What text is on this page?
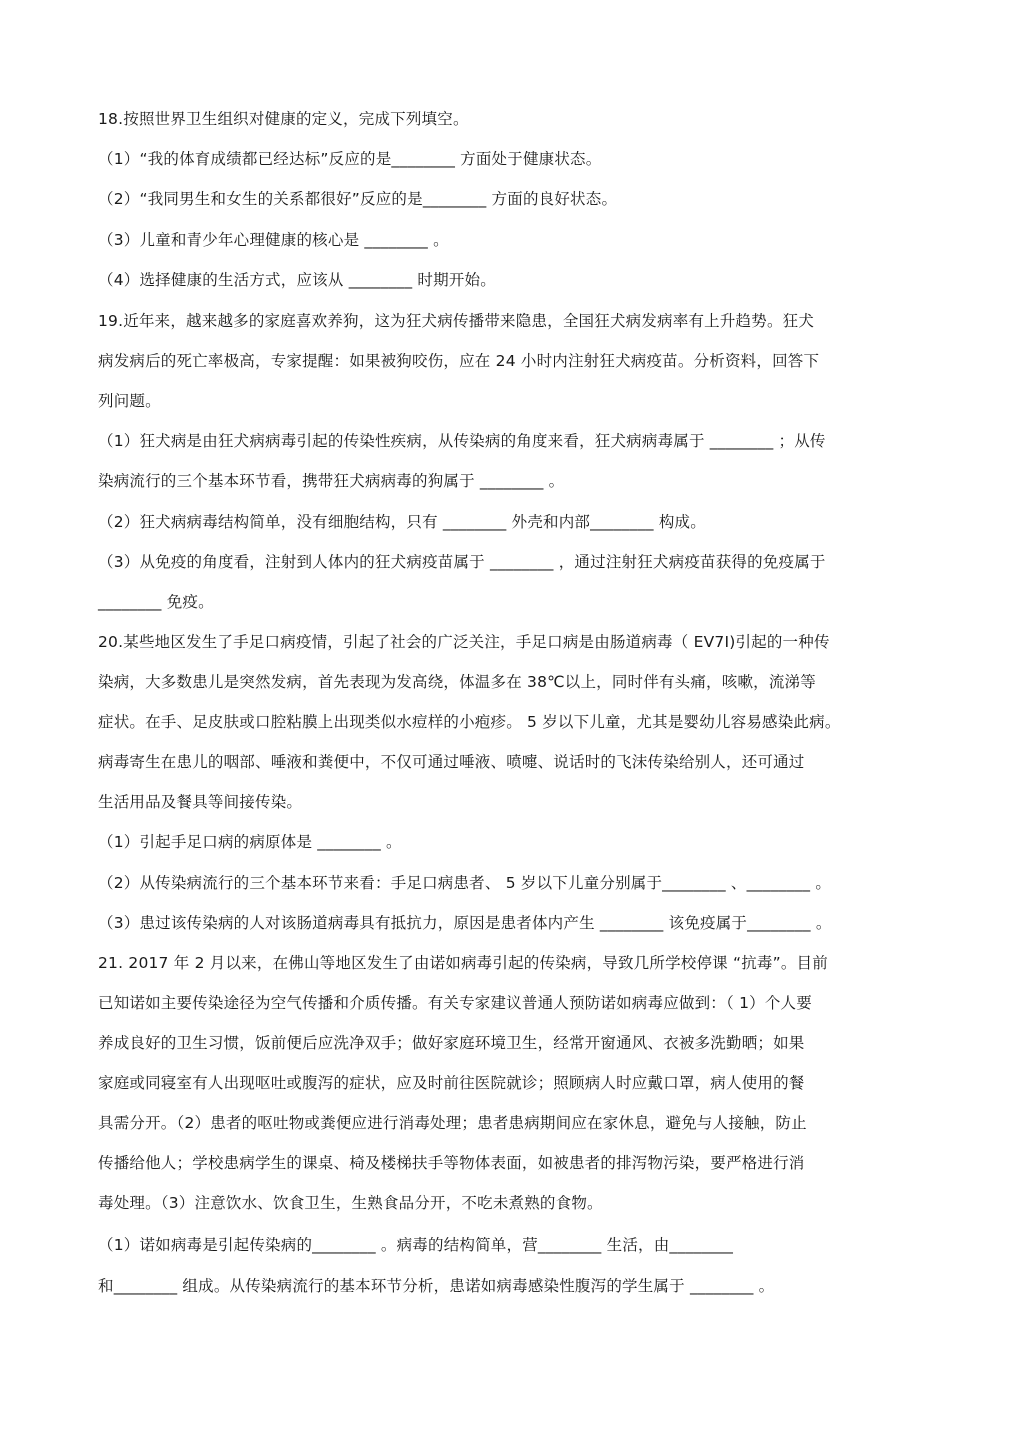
18.按照世界卫生组织对健康的定义，完成下列填空。
（1）“我的体育成绩都已经达标”反应的是________ 方面处于健康状态。
（2）“我同男生和女生的关系都很好”反应的是________ 方面的良好状态。
（3）儿童和青少年心理健康的核心是 ________ 。
（4）选择健康的生活方式，应该从 ________ 时期开始。
19.近年来，越来越多的家庭喜欢养狗，这为狂犬病传播带来隐患，全国狂犬病发病率有上升趋势。狂犬
病发病后的死亡率极高，专家提醒：如果被狗咬伤，应在 24 小时内注射狂犬病疫苗。分析资料，回答下
列问题。
（1）狂犬病是由狂犬病病毒引起的传染性疾病，从传染病的角度来看，狂犬病病毒属于 ________ ；从传
染病流行的三个基本环节看，携带狂犬病病毒的狗属于 ________ 。
（2）狂犬病病毒结构简单，没有细胞结构，只有 ________ 外壳和内部________ 构成。
（3）从免疫的角度看，注射到人体内的狂犬病疫苗属于 ________ ，通过注射狂犬病疫苗获得的免疫属于
________ 免疫。
20.某些地区发生了手足口病疫情，引起了社会的广泛关注，手足口病是由肠道病毒（ EV7I)引起的一种传
染病，大多数患儿是突然发病，首先表现为发高绕，体温多在 38℃以上，同时伴有头痛，咳嗽，流涕等
症状。在手、足皮肤或口腔粘膜上出现类似水痘样的小疱疹。 5 岁以下儿童，尤其是婴幼儿容易感染此病。
病毒寄生在患儿的咽部、唾液和粪便中，不仅可通过唾液、喷嚏、说话时的飞沫传染给别人，还可通过
生活用品及餐具等间接传染。
（1）引起手足口病的病原体是 ________ 。
（2）从传染病流行的三个基本环节来看：手足口病患者、 5 岁以下儿童分别属于________ 、________ 。
（3）患过该传染病的人对该肠道病毒具有抵抗力，原因是患者体内产生 ________ 该免疫属于________ 。
21. 2017 年 2 月以来，在佛山等地区发生了由诺如病毒引起的传染病，导致几所学校停课 “抗毒”。目前
已知诺如主要传染途径为空气传播和介质传播。有关专家建议普通人预防诺如病毒应做到：（ 1）个人要
养成良好的卫生习惯，饭前便后应洗净双手；做好家庭环境卫生，经常开窗通风、衣被多洗勤晒；如果
家庭或同寝室有人出现呕吐或腹泻的症状，应及时前往医院就诊；照顾病人时应戴口罩，病人使用的餐
具需分开。（2）患者的呕吐物或粪便应进行消毒处理；患者患病期间应在家休息，避免与人接触，防止
传播给他人；学校患病学生的课桌、椅及楼梯扶手等物体表面，如被患者的排泻物污染，要严格进行消
毒处理。（3）注意饮水、饮食卫生，生熟食品分开，不吃未煮熟的食物。
（1）诺如病毒是引起传染病的________ 。病毒的结构简单，营________ 生活，由________
和________ 组成。从传染病流行的基本环节分析，患诺如病毒感染性腹泻的学生属于 ________ 。
